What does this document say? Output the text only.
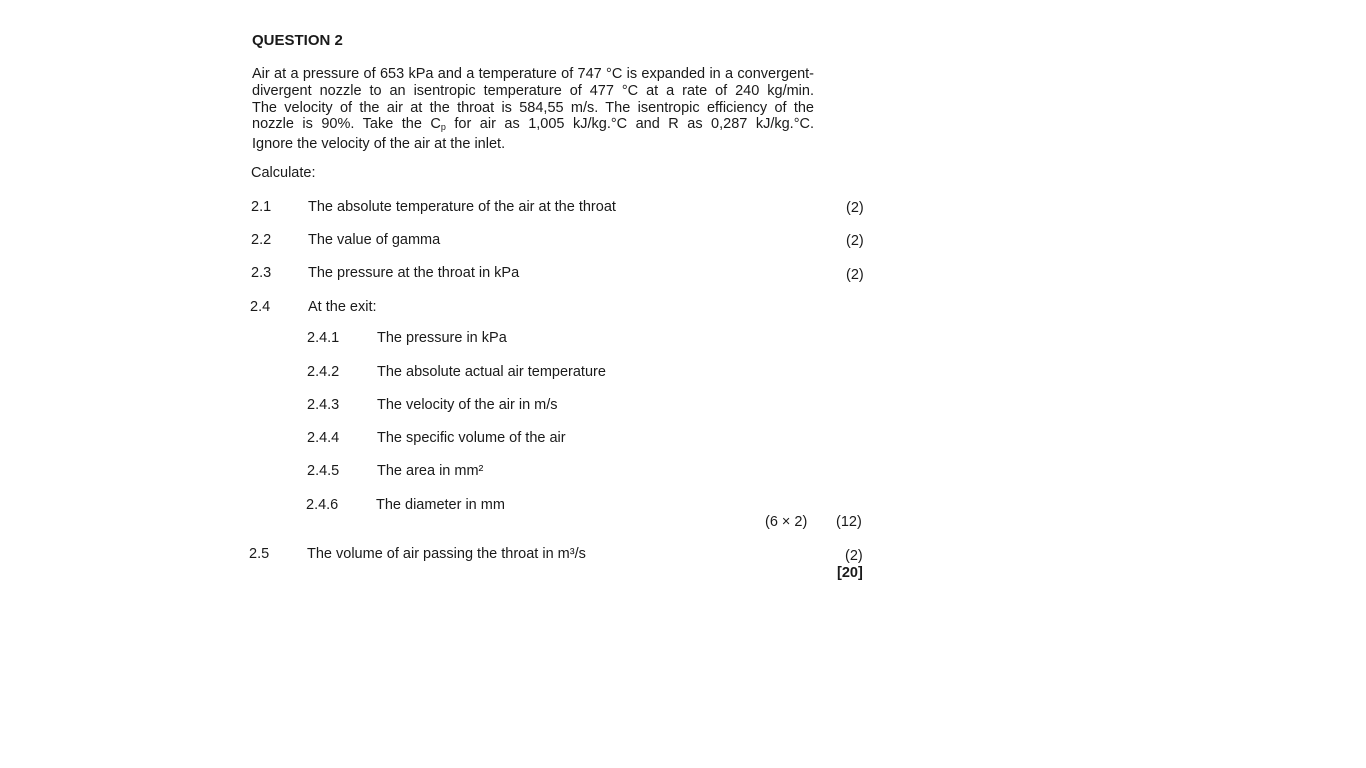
QUESTION 2
Air at a pressure of 653 kPa and a temperature of 747 °C is expanded in a convergent-
divergent nozzle to an isentropic temperature of 477 °C at a rate of 240 kg/min.
The velocity of the air at the throat is 584,55 m/s. The isentropic efficiency of the
nozzle is 90%. Take the $C_p$ for air as 1,005 kJ/kg.°C and R as 0,287 kJ/kg.°C.
Ignore the velocity of the air at the inlet.
Calculate:
2.1	The absolute temperature of the air at the throat	(2)
2.2	The value of gamma	(2)
2.3	The pressure at the throat in kPa	(2)
2.4	At the exit:
2.4.1	The pressure in kPa
2.4.2	The absolute actual air temperature
2.4.3	The velocity of the air in m/s
2.4.4	The specific volume of the air
2.4.5	The area in mm²
2.4.6	The diameter in mm
(6 × 2) (12)
2.5	The volume of air passing the throat in m³/s	(2)
[20]
